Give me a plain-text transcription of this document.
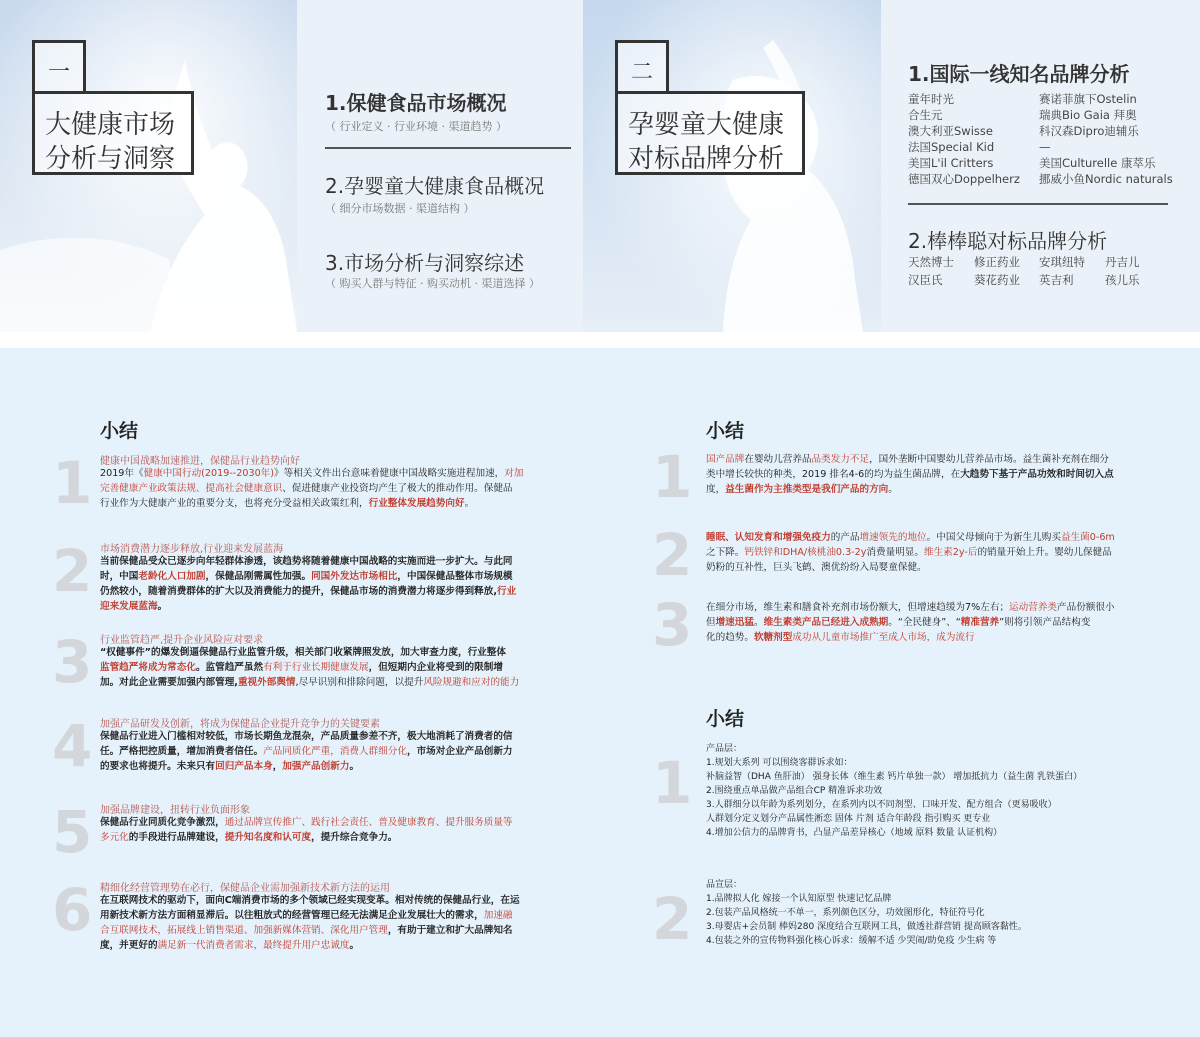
一
大健康市场
分析与洞察
1.保健食品市场概况
（ 行业定义 · 行业环境 · 渠道趋势 ）
2.孕婴童大健康食品概况
（ 细分市场数据 · 渠道结构 ）
3.市场分析与洞察综述
（ 购买人群与特征 · 购买动机 · 渠道选择 ）
二
孕婴童大健康
对标品牌分析
1.国际一线知名品牌分析
童年时光
合生元
澳大利亚Swisse
法国Special Kid
美国L'il Critters
德国双心Doppelherz
赛诺菲旗下Ostelin
瑞典Bio Gaia 拜奥
科汉森Dipro迪辅乐
—
美国Culturelle 康萃乐
挪威小鱼Nordic naturals
2.棒棒聪对标品牌分析
天然博士 修正药业 安琪纽特 丹吉儿
汉臣氏	葵花药业 英吉利	孩儿乐
小结
1 健康中国战略加速推进，保健品行业趋势向好
2019年《健康中国行动(2019--2030年)》等相关文件出台意味着健康中国战略实施进程加速，对加
完善健康产业政策法规、提高社会健康意识、促进健康产业投资均产生了极大的推动作用。保健品
行业作为大健康产业的重要分支，也将充分受益相关政策红利，行业整体发展趋势向好。
2 市场消费潜力逐步释放,行业迎来发展蓝海
当前保健品受众已逐步向年轻群体渗透，该趋势将随着健康中国战略的实施而进一步扩大。与此同
时，中国老龄化人口加剧，保健品刚需属性加强。同国外发达市场相比，中国保健品整体市场规模
仍然较小，随着消费群体的扩大以及消费能力的提升，保健品市场的消费潜力将逐步得到释放,行业
迎来发展蓝海。
3 行业监管趋严,提升企业风险应对要求
“权健事件”的爆发倒逼保健品行业监管升级，相关部门收紧牌照发放，加大审查力度，行业整体
监管趋严将成为常态化。监管趋严虽然有利于行业长期健康发展，但短期内企业将受到的限制增
加。对此企业需要加强内部管理,重视外部舆情,尽早识别和排除问题，以提升风险规避和应对的能力
4 加强产品研发及创新，将成为保健品企业提升竞争力的关键要素
保健品行业进入门槛相对较低，市场长期鱼龙混杂，产品质量参差不齐，极大地消耗了消费者的信
任。严格把控质量，增加消费者信任。产品同质化严重，消费人群细分化，市场对企业产品创新力
的要求也将提升。未来只有回归产品本身，加强产品创新力。
5 加强品牌建设，扭转行业负面形象
保健品行业同质化竞争激烈，通过品牌宣传推广、践行社会责任、普及健康教育、提升服务质量等
多元化的手段进行品牌建设，提升知名度和认可度，提升综合竞争力。
6 精细化经营管理势在必行，保健品企业需加强新技术新方法的运用
在互联网技术的驱动下，面向C端消费市场的多个领域已经实现变革。相对传统的保健品行业，在运
用新技术新方法方面稍显滞后。以往粗放式的经营管理已经无法满足企业发展壮大的需求，加速融
合互联网技术，拓展线上销售渠道、加强新媒体营销、深化用户管理，有助于建立和扩大品牌知名
度，并更好的满足新一代消费者需求，最终提升用户忠诚度。
小结
1 国产品牌在婴幼儿营养品品类发力不足，国外垄断中国婴幼儿营养品市场。益生菌补充剂在细分
类中增长较快的种类，2019 排名4-6的均为益生菌品牌，在大趋势下基于产品功效和时间切入点
度，益生菌作为主推类型是我们产品的方向。
2 睡眠、认知发育和增强免疫力的产品增速领先的地位。中国父母倾向于为新生儿购买益生菌0-6m
之下降。钙铁锌和DHA/核桃油0.3-2y消费量明显。维生素2y-后的销量开始上升。婴幼儿保健品
奶粉的互补性，巨头飞鹤、澳优纷纷入局婴童保健。
3 在细分市场，维生素和膳食补充剂市场份额大，但增速趋缓为7%左右；运动营养类产品份额很小
但增速迅猛。维生素类产品已经进入成熟期。“全民健身”、“精准营养”则将引领产品结构变
化的趋势。软糖剂型成功从儿童市场推广至成人市场，成为流行
小结
1 产品层：
1.规划大系列 可以围绕客群诉求如：
补脑益智（DHA 鱼肝油） 强身长体（维生素 钙片单独一款） 增加抵抗力（益生菌 乳铁蛋白）
2.围绕重点单品做产品组合CP 精准诉求功效
3.人群细分以年龄为系列划分，在系列内以不同剂型、口味开发、配方组合（更易吸收）
人群划分定义划分产品属性淅恋 固体 片剂 适合年龄段 指引购买 更专业
4.增加公信力的品牌背书，凸显产品差异核心（地域 原料 数量 认证机构）
2 品宣层：
1.品牌拟人化 嫁接一个认知原型 快速记忆品牌
2.包装产品风格统一不单一，系列颜色区分，功效图形化，特征符号化
3.母婴店+会员制 棒妈280 深度结合互联网工具，做透社群营销 提高顾客黏性。
4.包装之外的宣传物料强化核心诉求：缓解不适 少哭闹/助免疫 少生病 等
